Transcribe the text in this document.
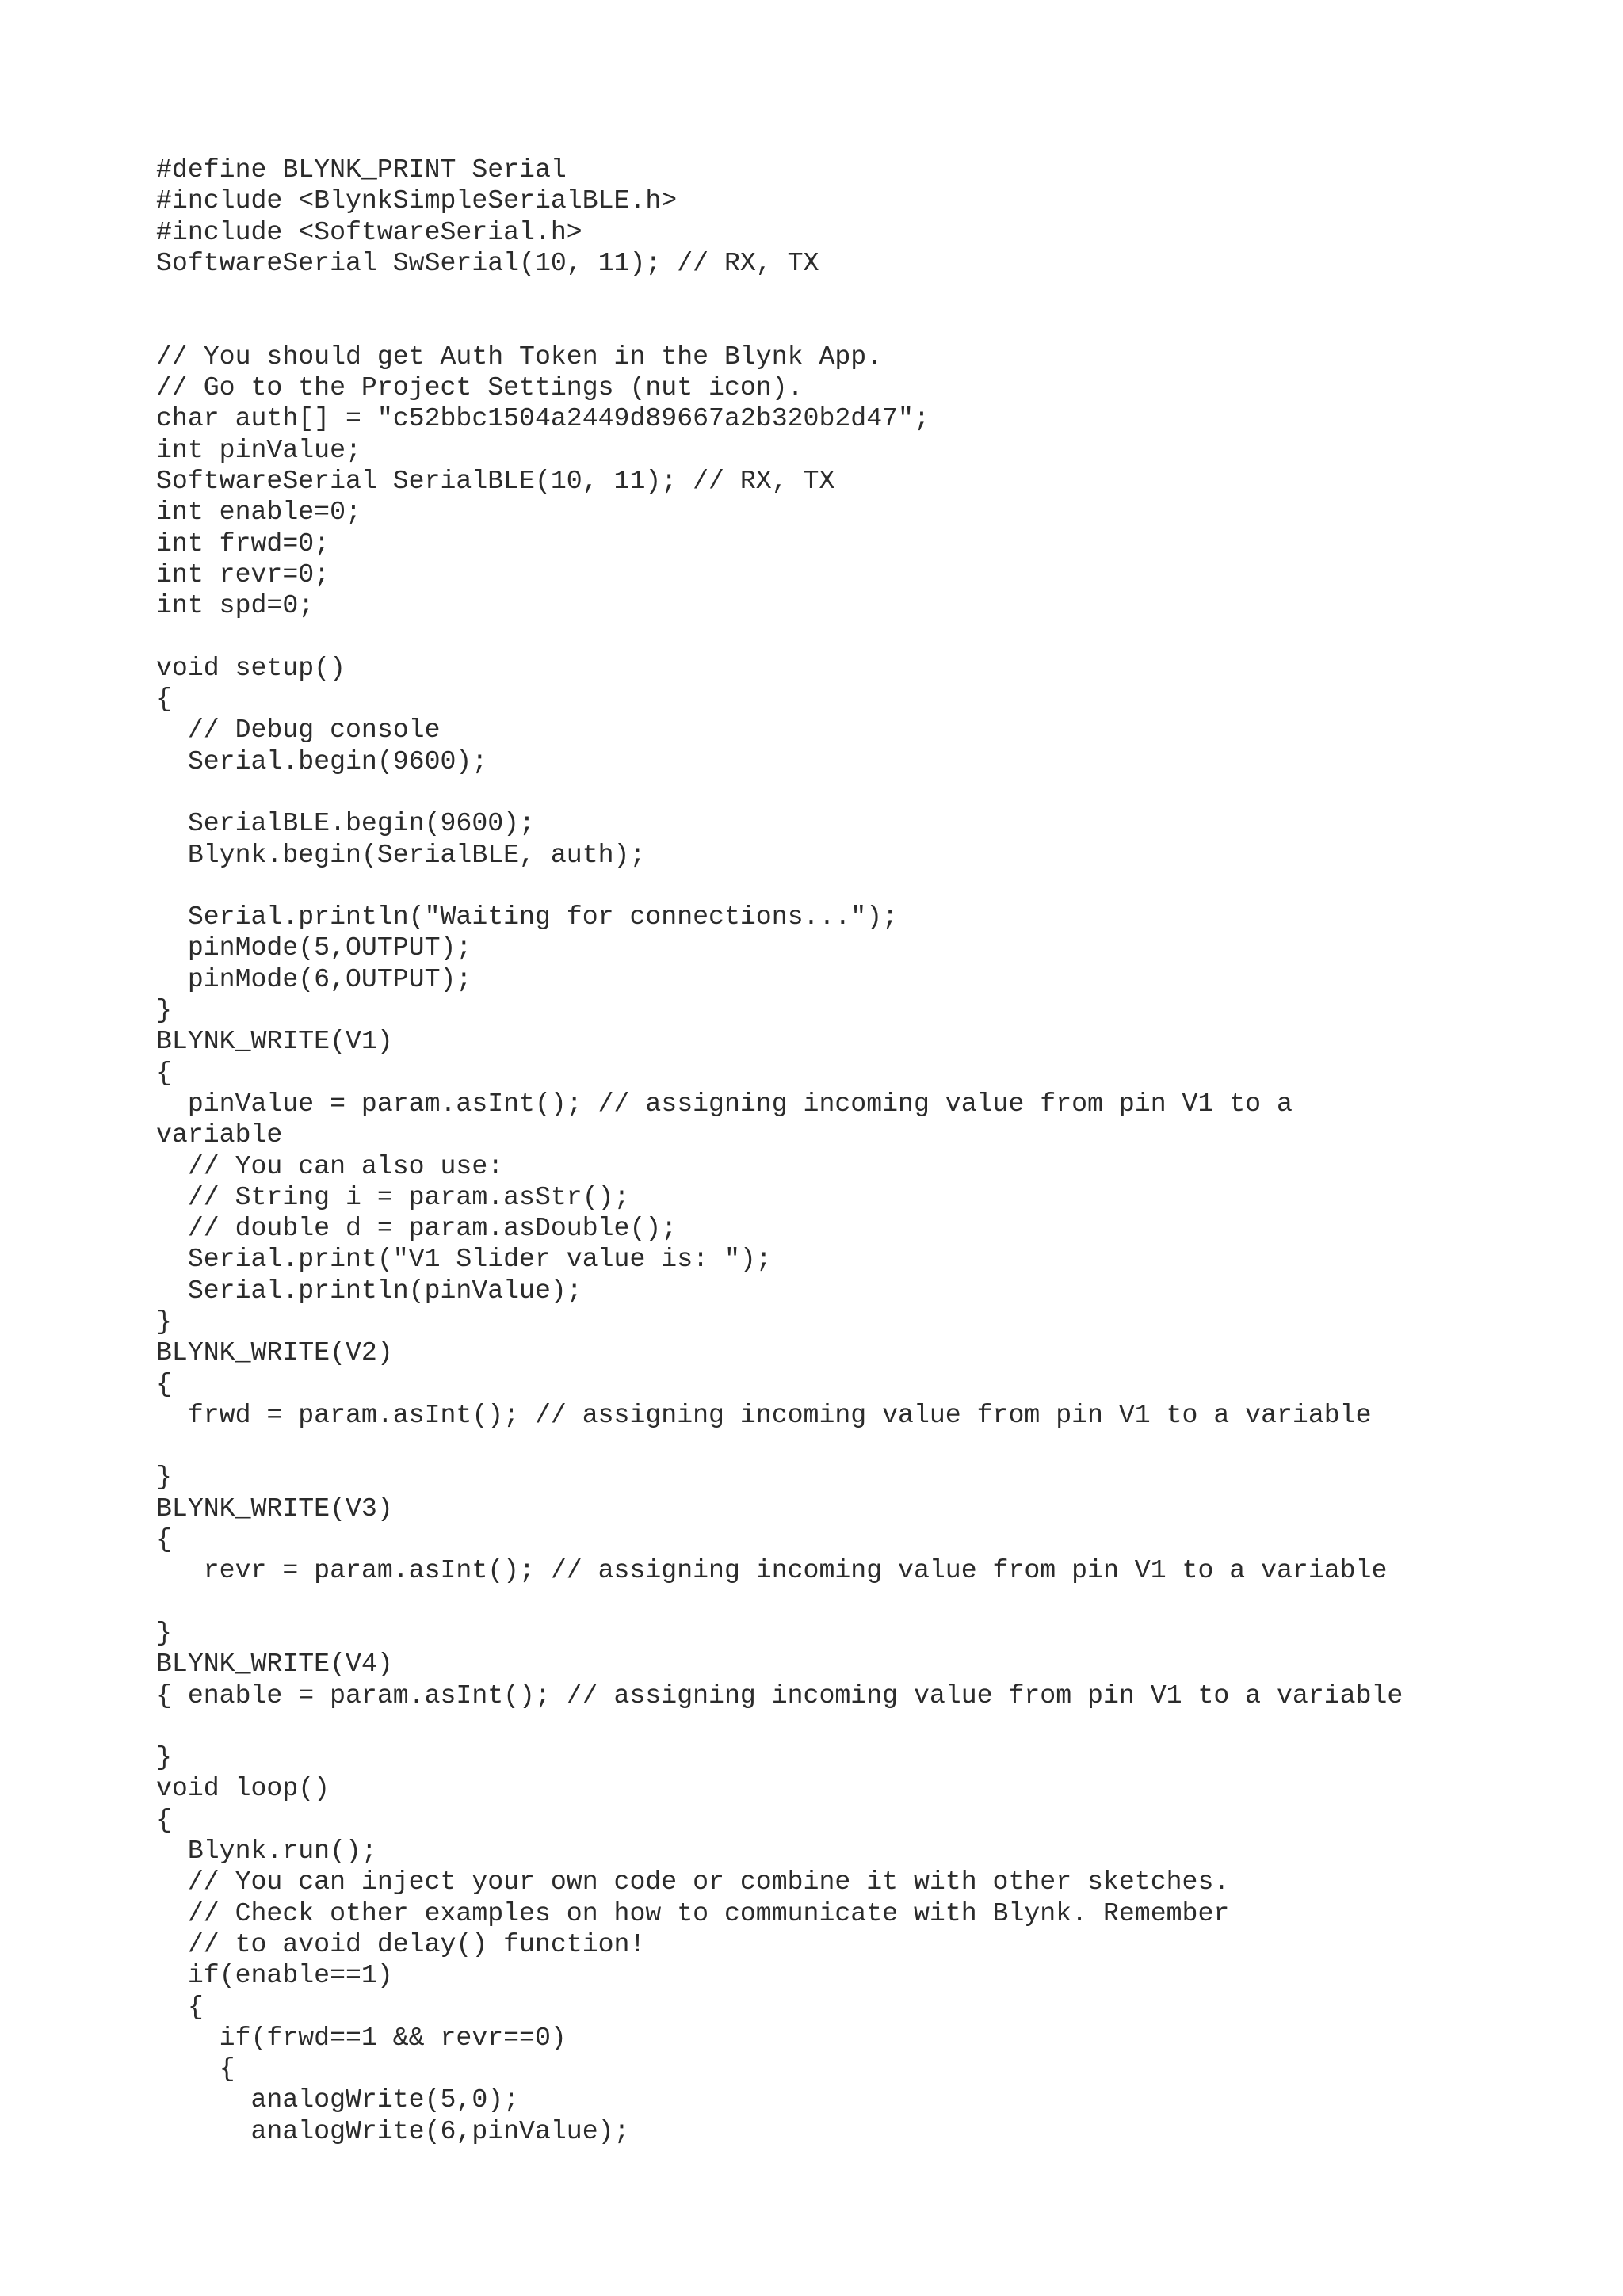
#define BLYNK_PRINT Serial
#include <BlynkSimpleSerialBLE.h>
#include <SoftwareSerial.h>
SoftwareSerial SwSerial(10, 11); // RX, TX
// You should get Auth Token in the Blynk App.
// Go to the Project Settings (nut icon).
char auth[] = "c52bbc1504a2449d89667a2b320b2d47";
int pinValue;
SoftwareSerial SerialBLE(10, 11); // RX, TX
int enable=0;
int frwd=0;
int revr=0;
int spd=0;
void setup()
{
// Debug console
Serial.begin(9600);
SerialBLE.begin(9600);
Blynk.begin(SerialBLE, auth);
Serial.println("Waiting for connections...");
pinMode(5,OUTPUT);
pinMode(6,OUTPUT);
}
BLYNK_WRITE(V1)
{
pinValue = param.asInt(); // assigning incoming value from pin V1 to a
variable
// You can also use:
// String i = param.asStr();
// double d = param.asDouble();
Serial.print("V1 Slider value is: ");
Serial.println(pinValue);
}
BLYNK_WRITE(V2)
{
frwd = param.asInt(); // assigning incoming value from pin V1 to a variable
}
BLYNK_WRITE(V3)
{
revr = param.asInt(); // assigning incoming value from pin V1 to a variable
}
BLYNK_WRITE(V4)
{ enable = param.asInt(); // assigning incoming value from pin V1 to a variable
}
void loop()
{
Blynk.run();
// You can inject your own code or combine it with other sketches.
// Check other examples on how to communicate with Blynk. Remember
// to avoid delay() function!
if(enable==1)
{
if(frwd==1 && revr==0)
{
analogWrite(5,0);
analogWrite(6,pinValue);
